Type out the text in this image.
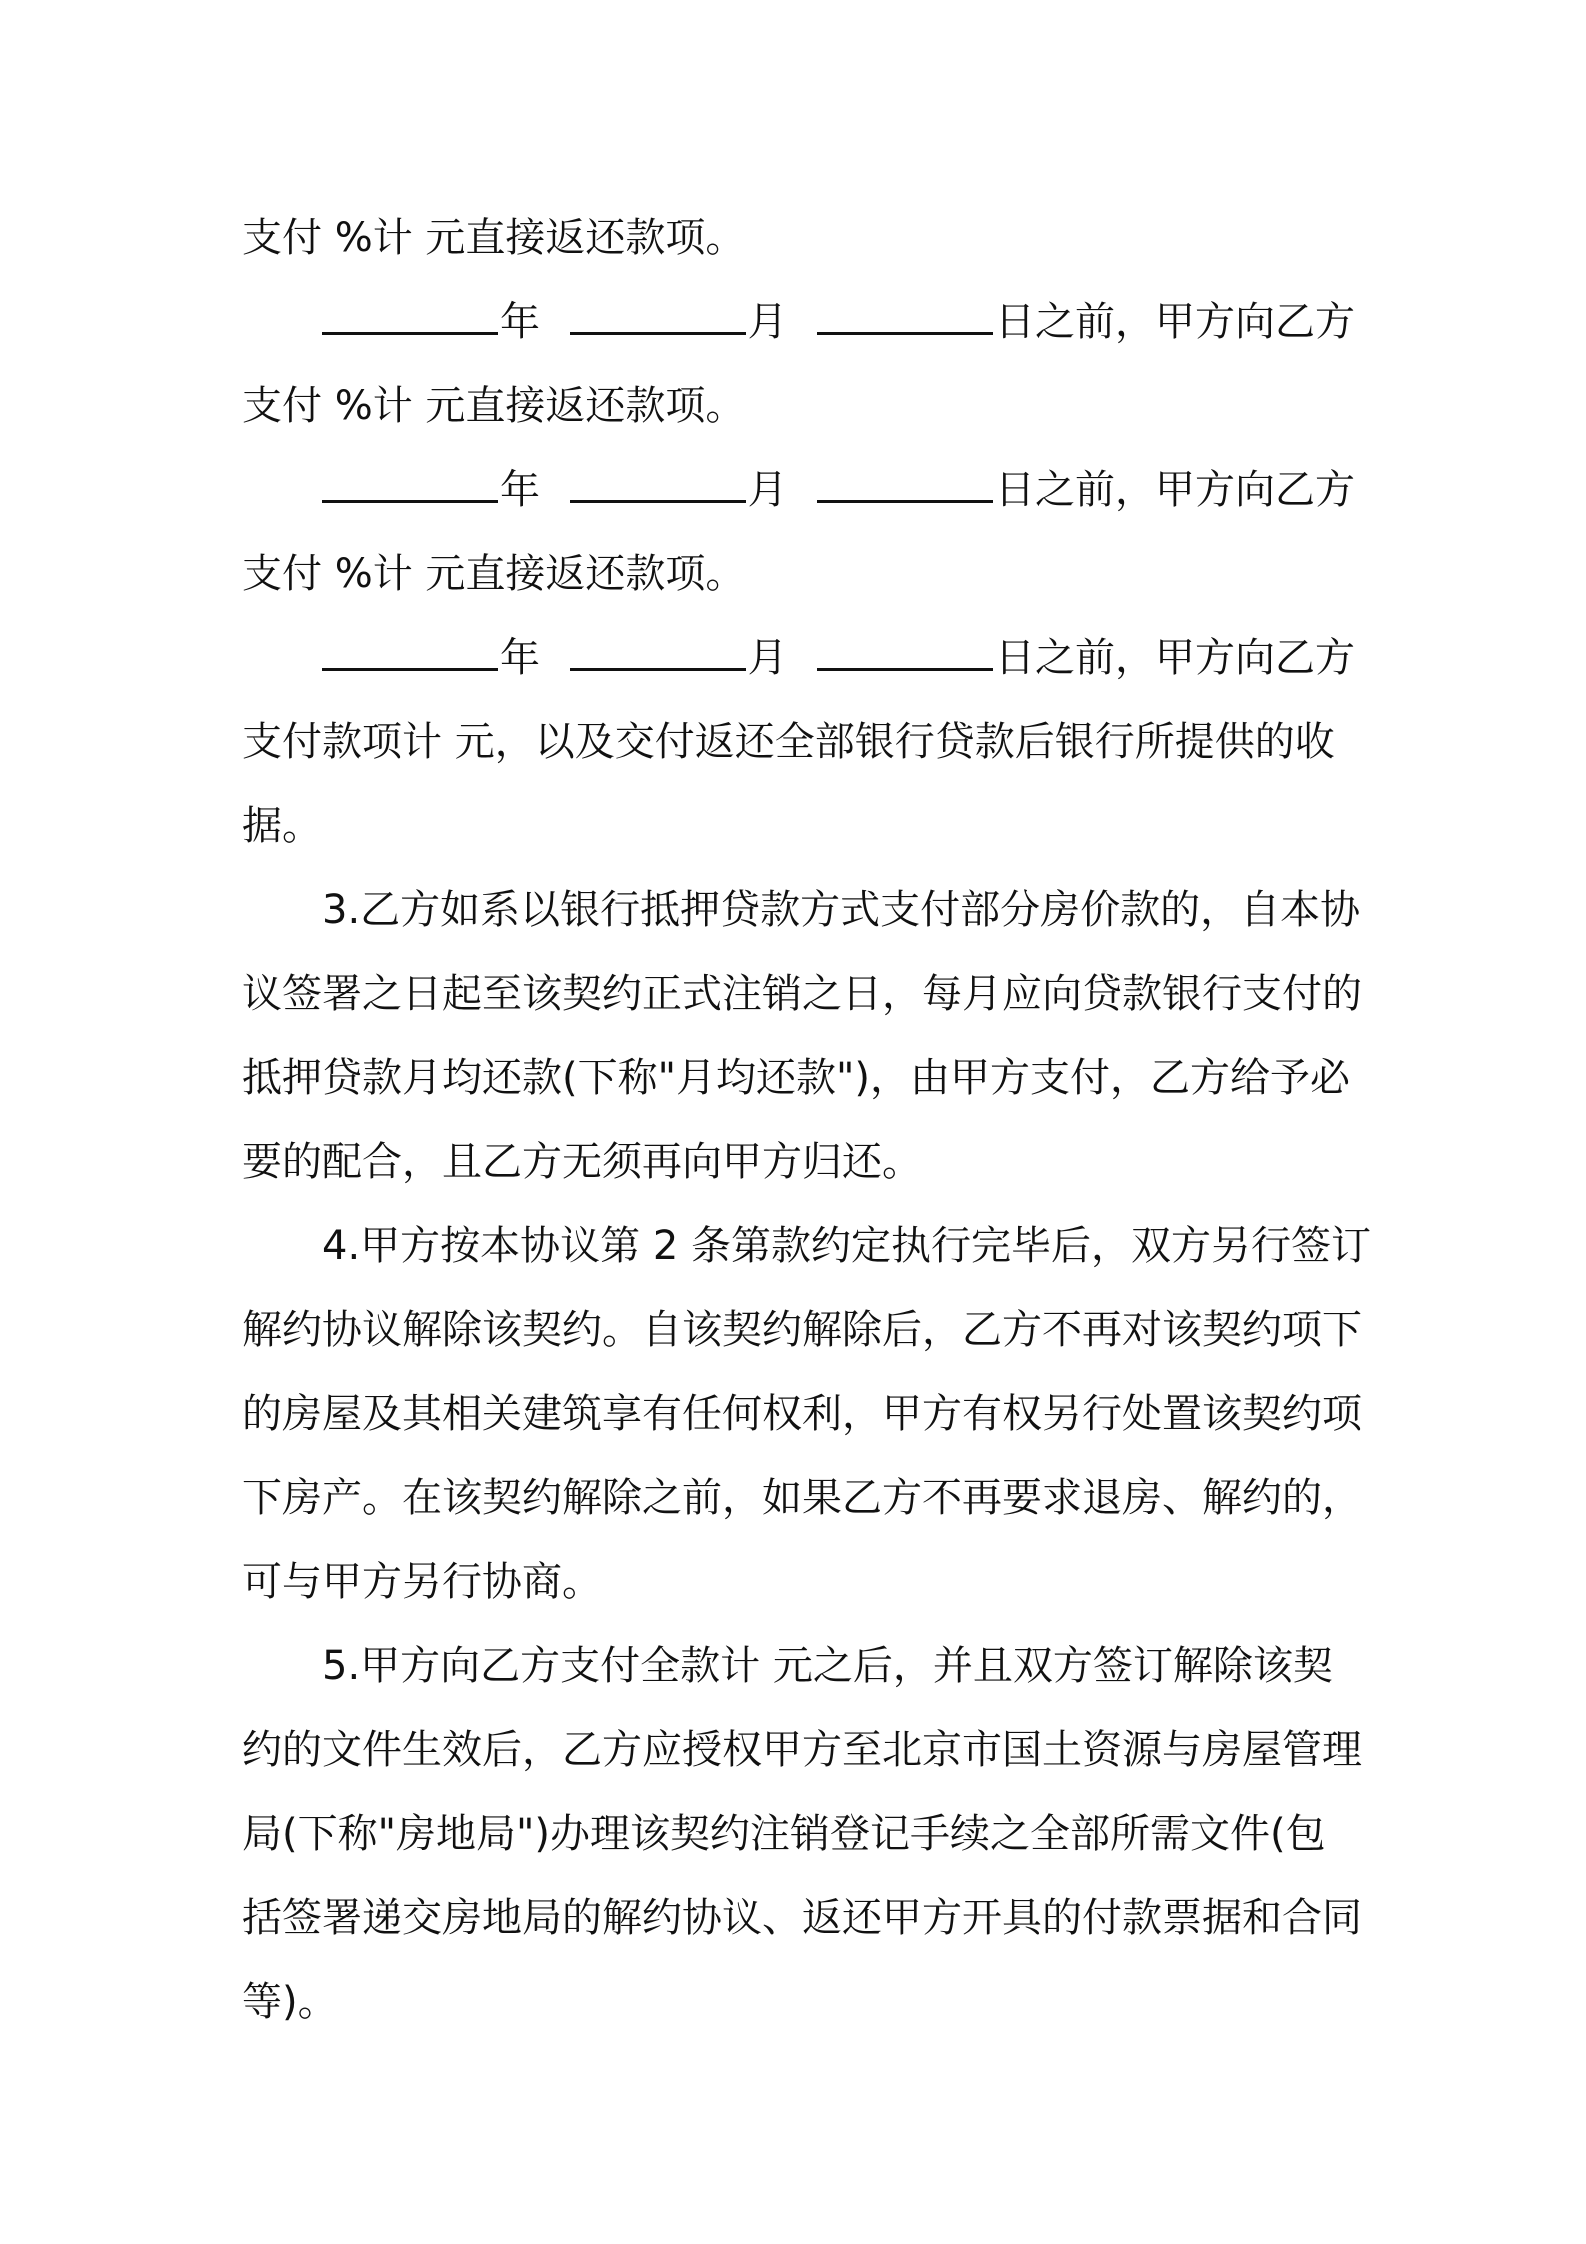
支付 %计 元直接返还款项。
年	月	日之前，甲方向乙方
支付 %计 元直接返还款项。
年	月	日之前，甲方向乙方
支付 %计 元直接返还款项。
年	月	日之前，甲方向乙方
支付款项计 元，以及交付返还全部银行贷款后银行所提供的收
据。
3.乙方如系以银行抵押贷款方式支付部分房价款的，自本协
议签署之日起至该契约正式注销之日，每月应向贷款银行支付的
抵押贷款月均还款(下称"月均还款")，由甲方支付，乙方给予必
要的配合，且乙方无须再向甲方归还。
4.甲方按本协议第 2 条第款约定执行完毕后，双方另行签订
解约协议解除该契约。自该契约解除后，乙方不再对该契约项下
的房屋及其相关建筑享有任何权利，甲方有权另行处置该契约项
下房产。在该契约解除之前，如果乙方不再要求退房、解约的，
可与甲方另行协商。
5.甲方向乙方支付全款计 元之后，并且双方签订解除该契
约的文件生效后，乙方应授权甲方至北京市国土资源与房屋管理
局(下称"房地局")办理该契约注销登记手续之全部所需文件(包
括签署递交房地局的解约协议、返还甲方开具的付款票据和合同
等)。
